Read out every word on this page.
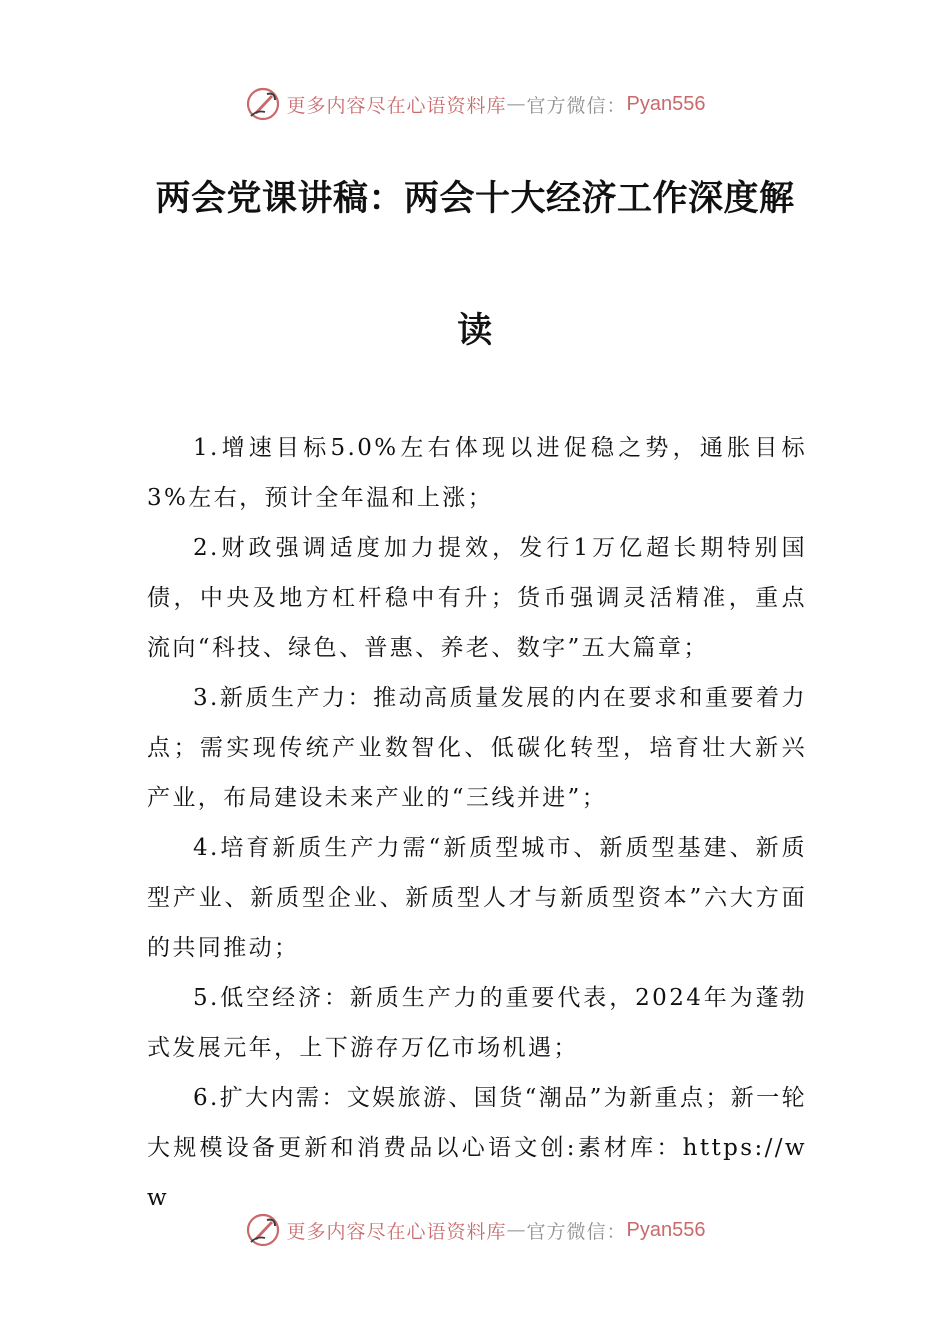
更多内容尽在心语资料库 — 官方微信： Pyan556
两会党课讲稿：两会十大经济工作深度解
读

1.增速目标5.0%左右体现以进促稳之势，通胀目标3%左右，预计全年温和上涨；

2.财政强调适度加力提效，发行1万亿超长期特别国债，中央及地方杠杆稳中有升；货币强调灵活精准，重点流向“科技、绿色、普惠、养老、数字”五大篇章；

3.新质生产力：推动高质量发展的内在要求和重要着力点；需实现传统产业数智化、低碳化转型，培育壮大新兴产业，布局建设未来产业的“三线并进”；

4.培育新质生产力需“新质型城市、新质型基建、新质型产业、新质型企业、新质型人才与新质型资本”六大方面的共同推动；

5.低空经济：新质生产力的重要代表，2024年为蓬勃式发展元年，上下游存万亿市场机遇；

6.扩大内需：文娱旅游、国货“潮品”为新重点；新一轮大规模设备更新和消费品以心语文创:素材库：https://ww

更多内容尽在心语资料库 — 官方微信： Pyan556
